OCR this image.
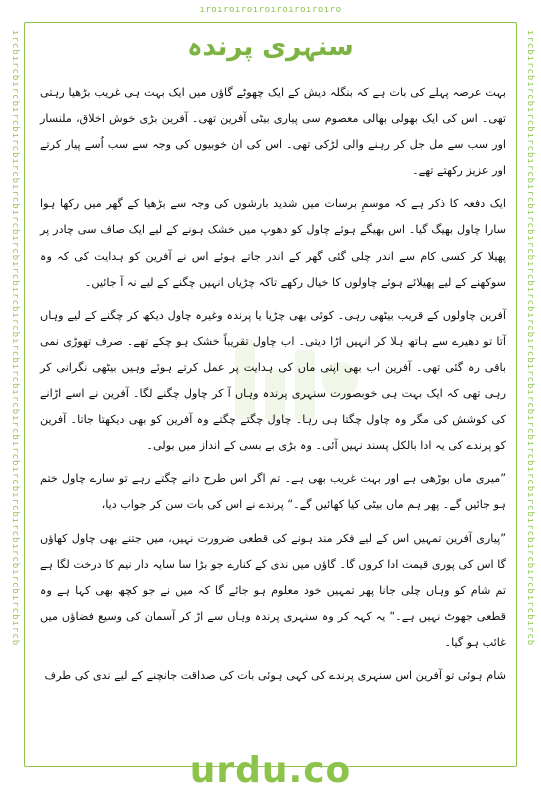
ıroıroıroıroıroıroıroıro
ırcbırcbırcbırcbırcbırcbırcbırcbırcbırcbırcbırcbırcbırcbırcbırcbırcbırcbırcbırcbırcbırcbırcbırcb	ırcbırcbırcbırcbırcbırcbırcbırcbırcbırcbırcbırcbırcbırcbırcbırcbırcbırcbırcbırcbırcbırcbırcbırcb
سنہری پرندہ

بہت عرصہ پہلے کی بات ہے کہ بنگلہ دیش کے ایک چھوٹے گاؤں میں ایک بہت ہی غریب بڑھیا رہتی تھی۔ اس کی ایک بھولی بھالی معصوم سی پیاری بیٹی آفرین تھی۔ آفرین بڑی خوش اخلاق، ملنسار اور سب سے مل جل کر رہنے والی لڑکی تھی۔ اس کی ان خوبیوں کی وجہ سے سب اُسے پیار کرتے اور عزیز رکھتے تھے۔

ایک دفعہ کا ذکر ہے کہ موسمِ برسات میں شدید بارشوں کی وجہ سے بڑھیا کے گھر میں رکھا ہوا سارا چاول بھیگ گیا۔ اس بھیگے ہوئے چاول کو دھوپ میں خشک ہونے کے لیے ایک صاف سی چادر پر پھیلا کر کسی کام سے اندر چلی گئی گھر کے اندر جاتے ہوئے اس نے آفرین کو ہدایت کی کہ وہ سوکھنے کے لیے پھیلائے ہوئے چاولوں کا خیال رکھے تاکہ چڑیاں انہیں چگنے کے لیے نہ آ جائیں۔

آفرین چاولوں کے قریب بیٹھی رہی۔ کوئی بھی چڑیا یا پرندہ وغیرہ چاول دیکھ کر چگنے کے لیے وہاں آتا تو دھیرے سے ہاتھ ہلا کر انہیں اڑا دیتی۔ اب چاول تقریباً خشک ہو چکے تھے۔ صرف تھوڑی نمی باقی رہ گئی تھی۔ آفرین اب بھی اپنی ماں کی ہدایت پر عمل کرتے ہوئے وہیں بیٹھی نگرانی کر رہی تھی کہ ایک بہت ہی خوبصورت سنہری پرندہ وہاں آ کر چاول چگنے لگا۔ آفرین نے اسے اڑانے کی کوشش کی مگر وہ چاول چگتا ہی رہا۔ چاول چگتے چگتے وہ آفرین کو بھی دیکھتا جاتا۔ آفرین کو پرندے کی یہ ادا بالکل پسند نہیں آئی۔ وہ بڑی بے بسی کے انداز میں بولی۔

”میری ماں بوڑھی ہے اور بہت غریب بھی ہے۔ تم اگر اس طرح دانے چگتے رہے تو سارے چاول ختم ہو جائیں گے۔ پھر ہم ماں بیٹی کیا کھائیں گے۔“ پرندے نے اس کی بات سن کر جواب دیا،

”پیاری آفرین تمہیں اس کے لیے فکر مند ہونے کی قطعی ضرورت نہیں، میں جتنے بھی چاول کھاؤں گا اس کی پوری قیمت ادا کروں گا۔ گاؤں میں ندی کے کنارے جو بڑا سا سایہ دار نیم کا درخت لگا ہے تم شام کو وہاں چلی جانا پھر تمہیں خود معلوم ہو جائے گا کہ میں نے جو کچھ بھی کہا ہے وہ قطعی جھوٹ نہیں ہے۔“ یہ کہہ کر وہ سنہری پرندہ وہاں سے اڑ کر آسمان کی وسیع فضاؤں میں غائب ہو گیا۔

شام ہوئی تو آفرین اس سنہری پرندے کی کہی ہوئی بات کی صداقت جانچنے کے لیے ندی کی طرف

urdu.co
